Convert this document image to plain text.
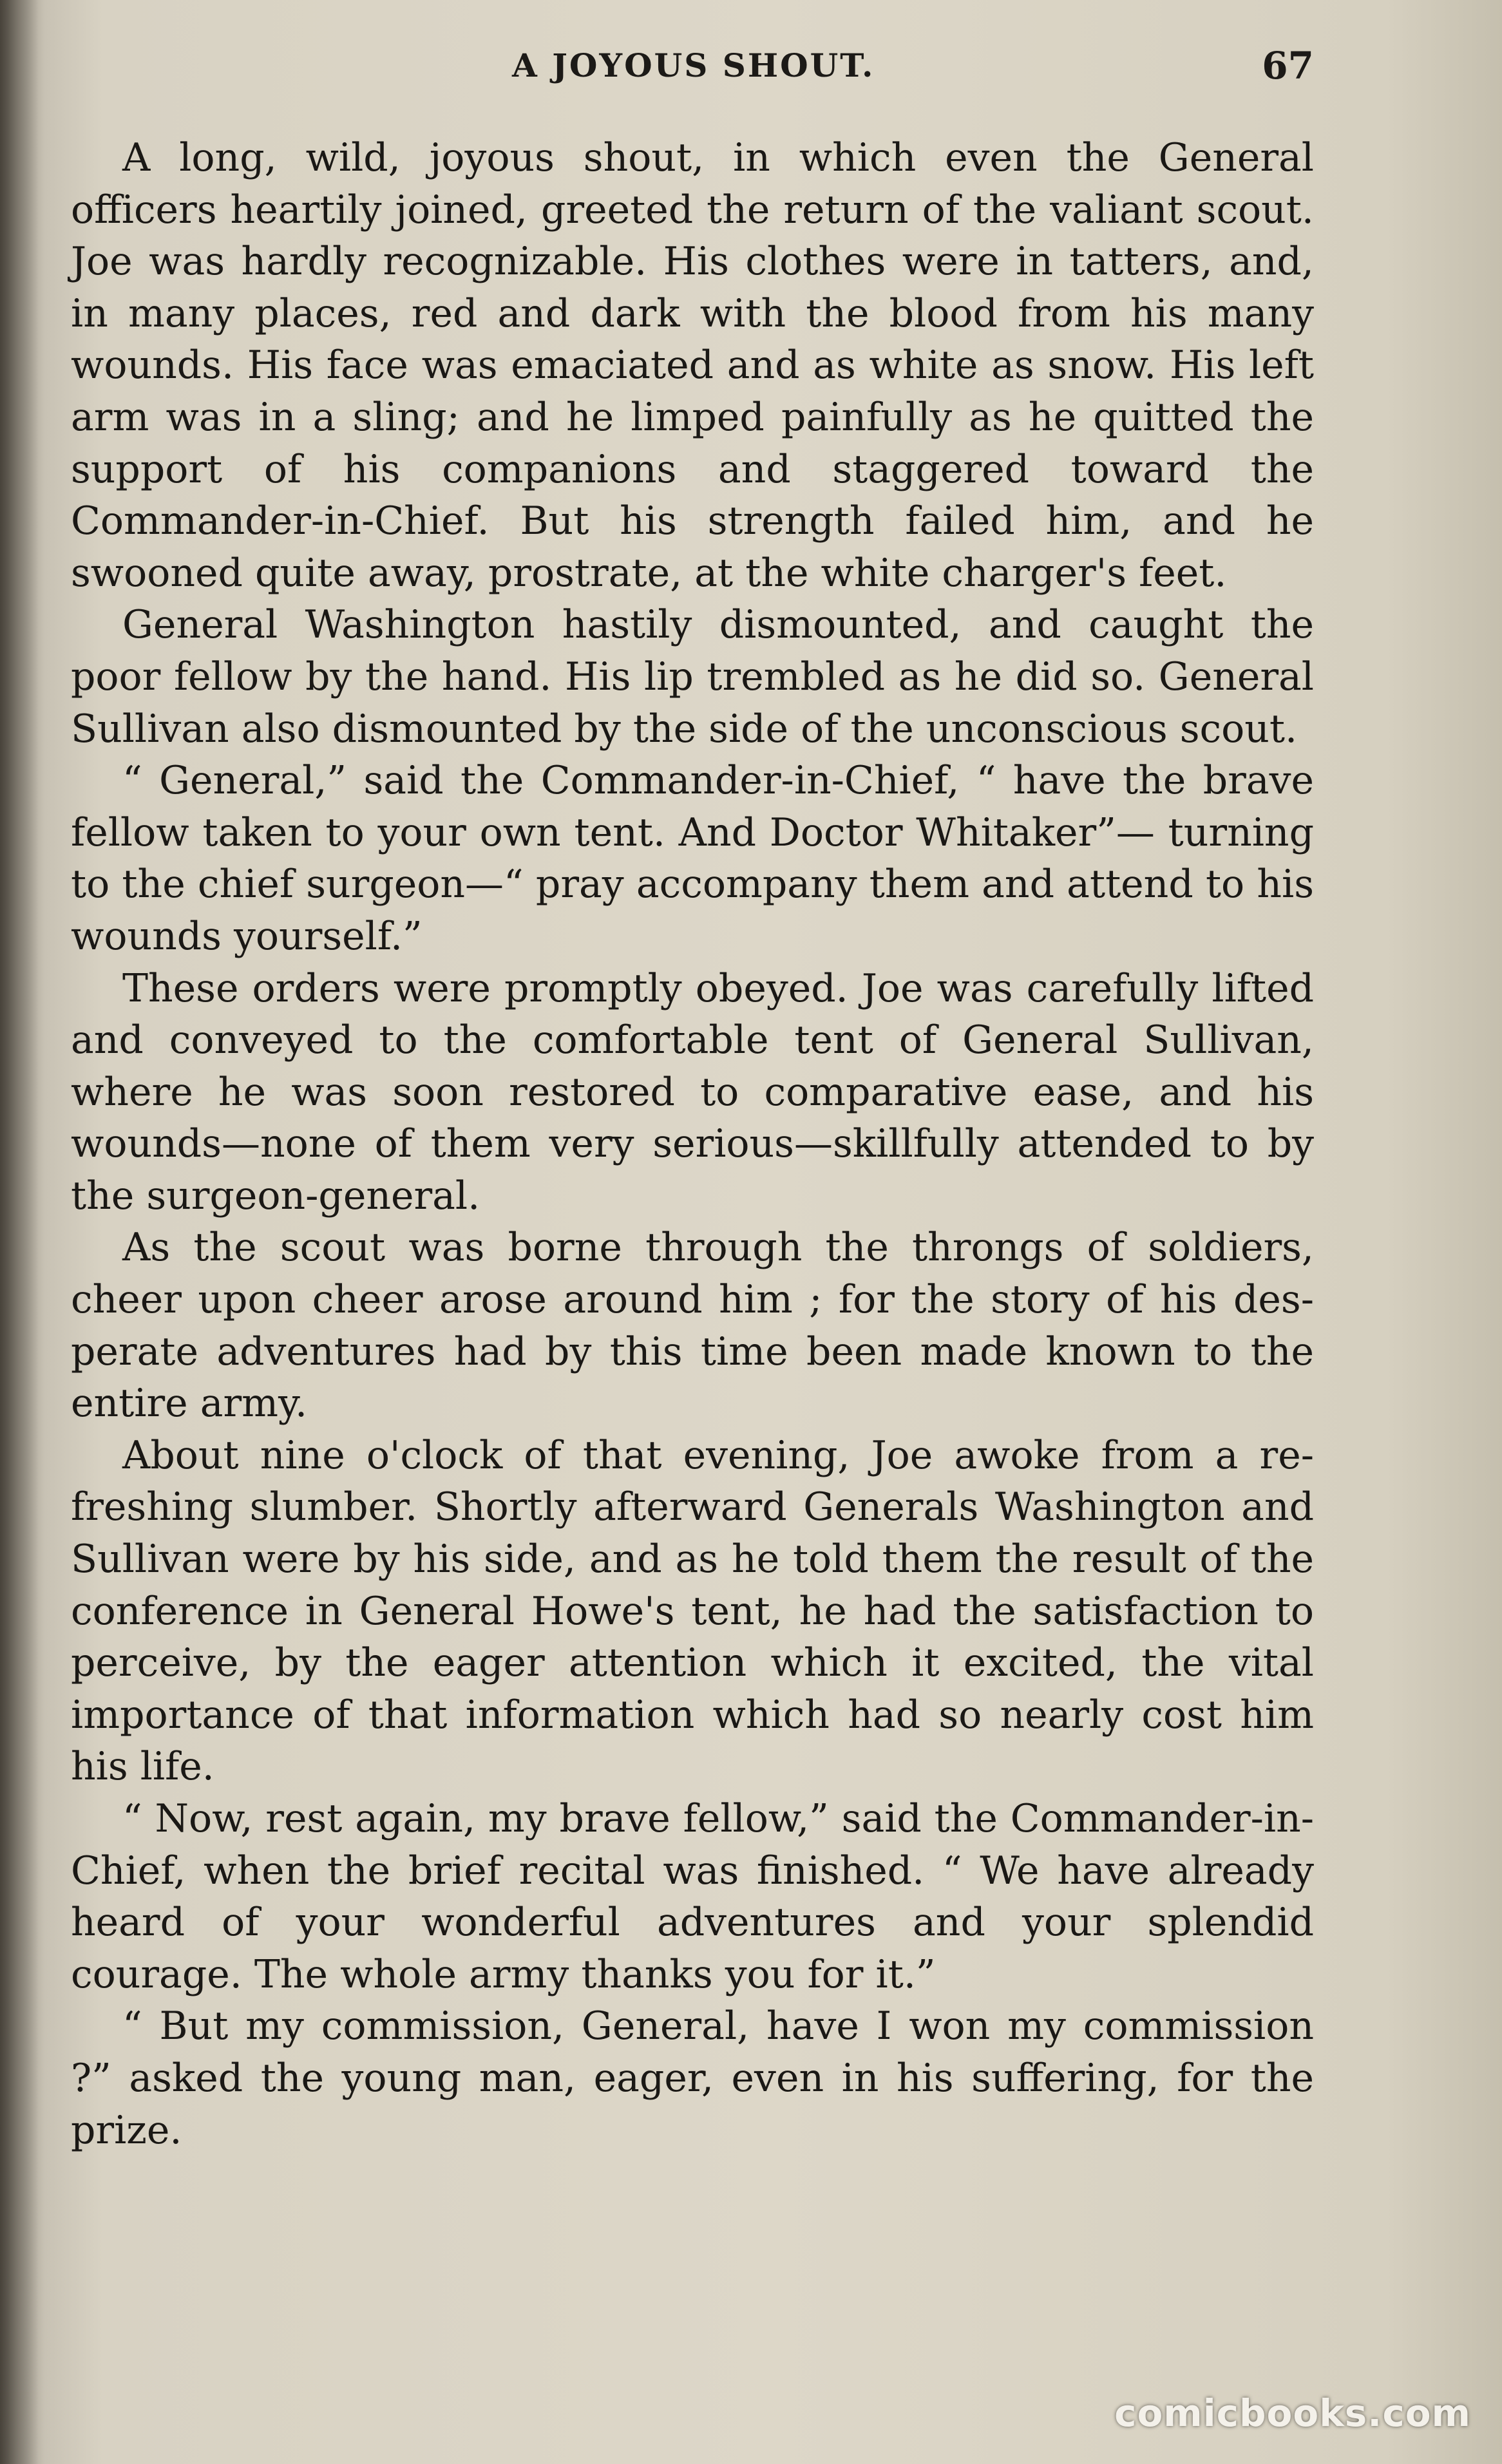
A JOYOUS SHOUT.	67

A long, wild, joyous shout, in which even the General officers heartily joined, greeted the return of the valiant scout. Joe was hardly recognizable. His clothes were in tatters, and, in many places, red and dark with the blood from his many wounds. His face was emaciated and as white as snow. His left arm was in a sling; and he limped painfully as he quitted the support of his companions and staggered toward the Commander-in-Chief. But his strength failed him, and he swooned quite away, prostrate, at the white charger's feet.

General Washington hastily dismounted, and caught the poor fellow by the hand. His lip trembled as he did so. General Sullivan also dismounted by the side of the unconscious scout.

“ General,” said the Commander-in-Chief, “ have the brave fellow taken to your own tent. And Doctor Whitaker”— turning to the chief surgeon—“ pray accompany them and attend to his wounds yourself.”

These orders were promptly obeyed. Joe was carefully lifted and conveyed to the comfortable tent of General Sullivan, where he was soon restored to comparative ease, and his wounds—none of them very serious—skillfully attended to by the surgeon-general.

As the scout was borne through the throngs of soldiers, cheer upon cheer arose around him ; for the story of his desperate adventures had by this time been made known to the entire army.

About nine o'clock of that evening, Joe awoke from a refreshing slumber. Shortly afterward Generals Washington and Sullivan were by his side, and as he told them the result of the conference in General Howe's tent, he had the satisfaction to perceive, by the eager attention which it excited, the vital importance of that information which had so nearly cost him his life.

“ Now, rest again, my brave fellow,” said the Commander-in-Chief, when the brief recital was finished. “ We have already heard of your wonderful adventures and your splendid courage. The whole army thanks you for it.”

“ But my commission, General, have I won my commission ?” asked the young man, eager, even in his suffering, for the prize.

comicbooks.com
